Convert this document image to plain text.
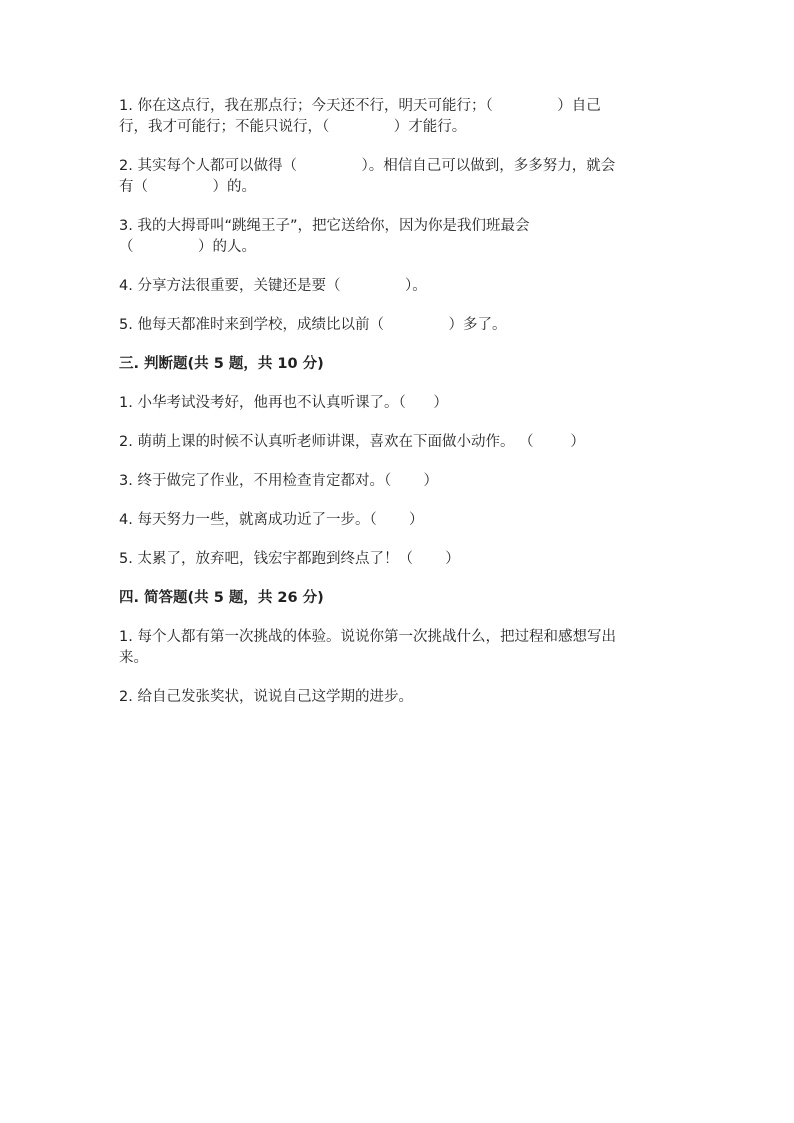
1. 你在这点行，我在那点行；今天还不行，明天可能行；（              ）自己

行，我才可能行；不能只说行，（              ）才能行。

2. 其实每个人都可以做得（              ）。相信自己可以做到，多多努力，就会

有（              ）的。

3. 我的大拇哥叫“跳绳王子”，把它送给你，因为你是我们班最会

（              ）的人。

4. 分享方法很重要，关键还是要（              ）。

5. 他每天都准时来到学校，成绩比以前（              ）多了。

三. 判断题(共 5 题，共 10 分)

1. 小华考试没考好，他再也不认真听课了。（      ）

2. 萌萌上课的时候不认真听老师讲课，喜欢在下面做小动作。 （        ）

3. 终于做完了作业，不用检查肯定都对。（       ）

4. 每天努力一些，就离成功近了一步。（       ）

5. 太累了，放弃吧，钱宏宇都跑到终点了！（       ）

四. 简答题(共 5 题，共 26 分)

1. 每个人都有第一次挑战的体验。说说你第一次挑战什么，把过程和感想写出

来。

2. 给自己发张奖状，说说自己这学期的进步。
